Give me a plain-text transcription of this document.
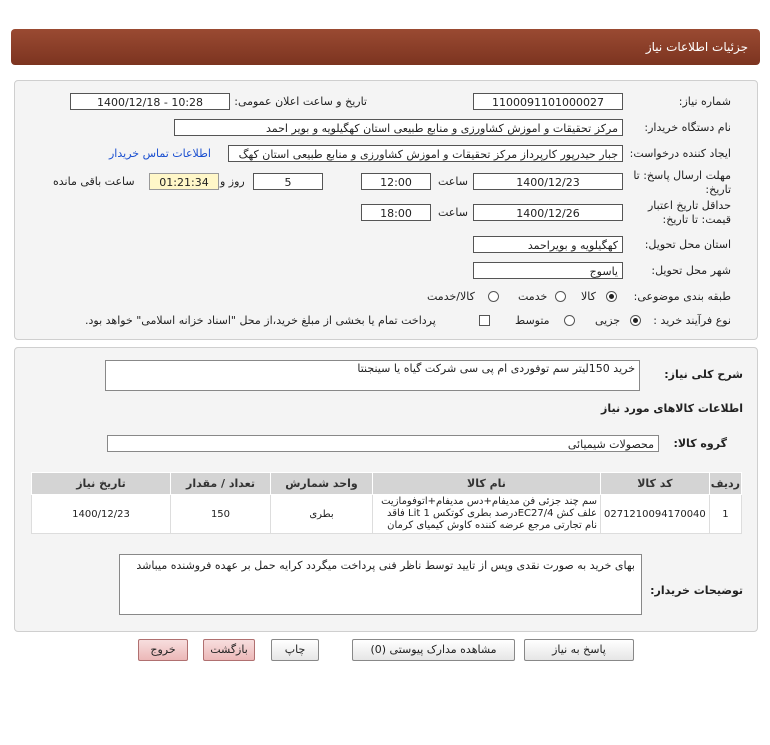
جزئیات اطلاعات نیاز
شماره نیاز:
1100091101000027
تاریخ و ساعت اعلان عمومی:
1400/12/18 - 10:28
نام دستگاه خریدار:
مرکز تحقیقات و اموزش کشاورزی و منابع طبیعی استان کهگیلویه و بویر احمد
ایجاد کننده درخواست:
جبار حیدرپور کارپرداز مرکز تحقیقات و اموزش کشاورزی و منابع طبیعی استان کهگ
اطلاعات تماس خریدار
مهلت ارسال پاسخ: تا
تاریخ:
1400/12/23
ساعت
12:00
5
روز و
01:21:34
ساعت باقی مانده
حداقل تاریخ اعتبار
قیمت: تا تاریخ:
1400/12/26
ساعت
18:00
استان محل تحویل:
کهگیلویه و بویراحمد
شهر محل تحویل:
یاسوج
طبقه بندی موضوعی:
کالا
خدمت
کالا/خدمت
نوع فرآیند خرید :
جزیی
متوسط
پرداخت تمام یا بخشی از مبلغ خرید،از محل "اسناد خزانه اسلامی" خواهد بود.
شرح کلی نیاز:
خرید 150لیتر سم توفوردی ام پی سی شرکت گیاه یا سینجنتا
اطلاعات کالاهای مورد نیاز
گروه کالا:
محصولات شیمیائی
ردیف	کد کالا	نام کالا	واحد شمارش	تعداد / مقدار	تاریخ نیاز
1	0271210094170040	سم چند جزئی فن مدیفام+دس مدیفام+اتوفومازیت علف کش EC27/4درصد بطری کوتکس Lit 1 فاقد نام تجارتی مرجع عرضه کننده کاوش کیمیای کرمان	بطری	150	1400/12/23
توضیحات خریدار:
بهای خرید به صورت نقدی وپس از تایید توسط ناظر فنی پرداخت میگردد کرایه حمل بر عهده فروشنده میباشد
پاسخ به نیاز
مشاهده مدارک پیوستی (0)
چاپ
بازگشت
خروج
